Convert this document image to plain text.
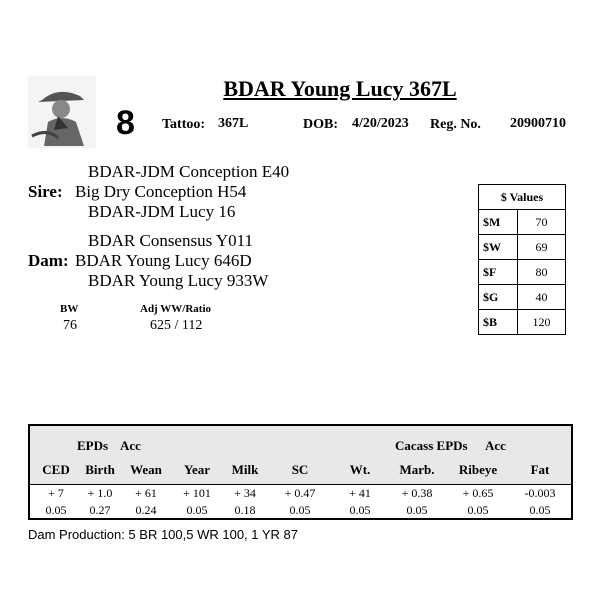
BDAR Young Lucy 367L
8 Tattoo: 367L	DOB: 4/20/2023 Reg. No. 20900710
BDAR-JDM Conception E40
Sire: Big Dry Conception H54
BDAR-JDM Lucy 16
BDAR Consensus Y011
Dam: BDAR Young Lucy 646D
BDAR Young Lucy 933W
BW
76
Adj WW/Ratio
625 / 112
$ Values	
$M	70
$W	69
$F	80
$G	40
$B	120
EPDs Acc	Cacass EPDs Acc
CED	Birth	Wean	Year	Milk	SC	Wt.	Marb.	Ribeye	Fat
+ 7	+ 1.0	+ 61	+ 101	+ 34	+ 0.47	+ 41	+ 0.38	+ 0.65	-0.003
0.05	0.27	0.24	0.05	0.18	0.05	0.05	0.05	0.05	0.05
Dam Production: 5 BR 100,5 WR 100, 1 YR 87
